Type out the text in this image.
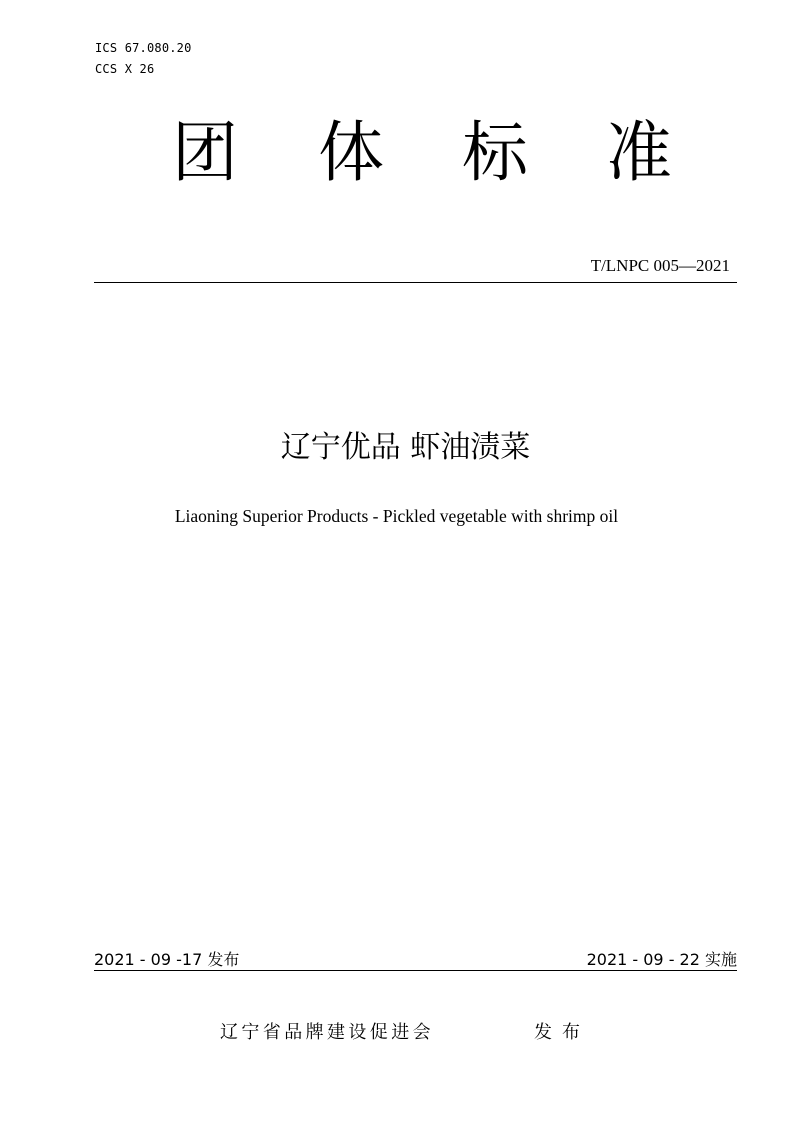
ICS 67.080.20
CCS X 26
团 体 标 准
T/LNPC 005—2021
辽宁优品 虾油渍菜
Liaoning Superior Products - Pickled vegetable with shrimp oil
2021 - 09 -17 发布	2021 - 09 - 22 实施
辽宁省品牌建设促进会	发布
